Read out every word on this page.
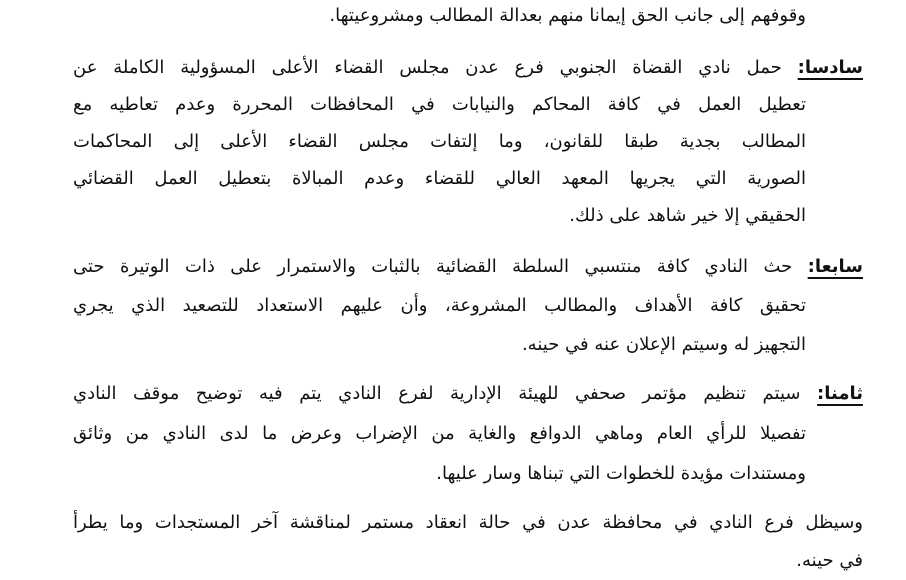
وقوفهم إلى جانب الحق إيمانا منهم بعدالة المطالب ومشروعيتها.
سادسا: حمل نادي القضاة الجنوبي فرع عدن مجلس القضاء الأعلى المسؤولية الكاملة عن
تعطيل العمل في كافة المحاكم والنيابات في المحافظات المحررة وعدم تعاطيه مع
المطالب بجدية طبقا للقانون، وما إلتفات مجلس القضاء الأعلى إلى المحاكمات
الصورية التي يجريها المعهد العالي للقضاء وعدم المبالاة بتعطيل العمل القضائي
الحقيقي إلا خير شاهد على ذلك.
سابعا: حث النادي كافة منتسبي السلطة القضائية بالثبات والاستمرار على ذات الوتيرة حتى
تحقيق كافة الأهداف والمطالب المشروعة، وأن عليهم الاستعداد للتصعيد الذي يجري
التجهيز له وسيتم الإعلان عنه في حينه.
ثامنا: سيتم تنظيم مؤتمر صحفي للهيئة الإدارية لفرع النادي يتم فيه توضيح موقف النادي
تفصيلا للرأي العام وماهي الدوافع والغاية من الإضراب وعرض ما لدى النادي من وثائق
ومستندات مؤيدة للخطوات التي تبناها وسار عليها.
وسيظل فرع النادي في محافظة عدن في حالة انعقاد مستمر لمناقشة آخر المستجدات وما يطرأ
في حينه.
